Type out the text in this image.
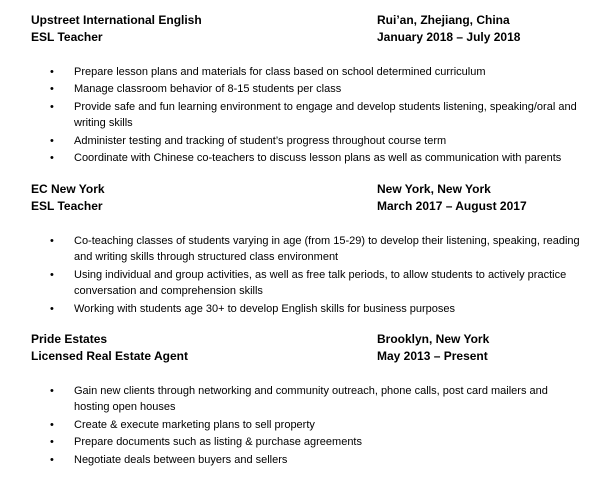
Upstreet International English	Rui’an, Zhejiang, China
ESL Teacher	January 2018 – July 2018
• Prepare lesson plans and materials for class based on school determined curriculum
• Manage classroom behavior of 8-15 students per class
• Provide safe and fun learning environment to engage and develop students listening, speaking/oral and writing skills
• Administer testing and tracking of student’s progress throughout course term
• Coordinate with Chinese co-teachers to discuss lesson plans as well as communication with parents
EC New York	New York, New York
ESL Teacher	March 2017 – August 2017
• Co-teaching classes of students varying in age (from 15-29) to develop their listening, speaking, reading and writing skills through structured class environment
• Using individual and group activities, as well as free talk periods, to allow students to actively practice conversation and comprehension skills
• Working with students age 30+ to develop English skills for business purposes
Pride Estates	Brooklyn, New York
Licensed Real Estate Agent	May 2013 – Present
• Gain new clients through networking and community outreach, phone calls, post card mailers and hosting open houses
• Create & execute marketing plans to sell property
• Prepare documents such as listing & purchase agreements
• Negotiate deals between buyers and sellers
